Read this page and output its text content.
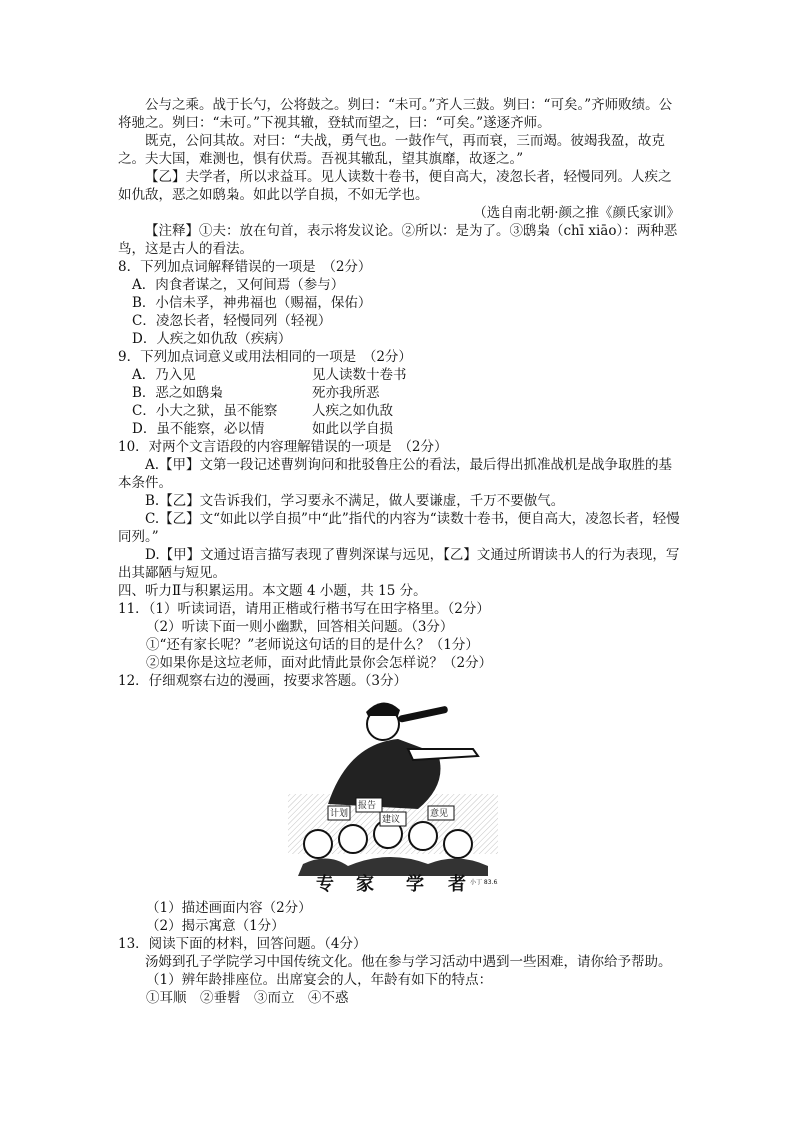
公与之乘。战于长勺，公将鼓之。刿曰：“未可。”齐人三鼓。刿曰：“可矣。”齐师败绩。公将驰之。刿曰：“未可。”下视其辙，登轼而望之，曰：“可矣。”遂逐齐师。

既克，公问其故。对曰：“夫战，勇气也。一鼓作气，再而衰，三而竭。彼竭我盈，故克之。夫大国，难测也，惧有伏焉。吾视其辙乱，望其旗靡，故逐之。”

【乙】夫学者，所以求益耳。见人读数十卷书，便自高大，凌忽长者，轻慢同列。人疾之如仇敌，恶之如鸱枭。如此以学自损，不如无学也。

（选自南北朝·颜之推《颜氏家训》

【注释】①夫：放在句首，表示将发议论。②所以：是为了。③鸱枭（chī xiāo）：两种恶鸟，这是古人的看法。

8．下列加点词解释错误的一项是　（2分）

A．肉食者谋之，又何间焉（参与）

B．小信未孚，神弗福也（赐福，保佑）

C．凌忽长者，轻慢同列（轻视）

D．人疾之如仇敌（疾病）

9．下列加点词意义或用法相同的一项是　（2分）

A．乃入见	见人读数十卷书
B．恶之如鸱枭	死亦我所恶
C．小大之狱，虽不能察	人疾之如仇敌
D．虽不能察，必以情	如此以学自损

10．对两个文言语段的内容理解错误的一项是　（2分）

A.【甲】文第一段记述曹刿询问和批驳鲁庄公的看法，最后得出抓准战机是战争取胜的基本条件。

B.【乙】文告诉我们，学习要永不满足，做人要谦虚，千万不要傲气。

C.【乙】文“如此以学自损”中“此”指代的内容为“读数十卷书，便自高大，凌忽长者，轻慢同列。”

D.【甲】文通过语言描写表现了曹刿深谋与远见，【乙】文通过所谓读书人的行为表现，写出其鄙陋与短见。

四、听力Ⅱ与积累运用。本文题 4 小题，共 15 分。

11．（1）听读词语，请用正楷或行楷书写在田字格里。（2分）

（2）听读下面一则小幽默，回答相关问题。（3分）

①“还有家长呢？”老师说这句话的目的是什么？（1分）

②如果你是这垃老师，面对此情此景你会怎样说？（2分）

12．仔细观察右边的漫画，按要求答题。（3分）

计划
报告
建议
意见
专 家 学 者 小丁 83.6.

（1）描述画面内容（2分）

（2）揭示寓意（1分）

13．阅读下面的材料，回答问题。（4分）

汤姆到孔子学院学习中国传统文化。他在参与学习活动中遇到一些困难，请你给予帮助。

（1）辨年龄排座位。出席宴会的人，年龄有如下的特点：

①耳顺　②垂髫　③而立　④不惑
